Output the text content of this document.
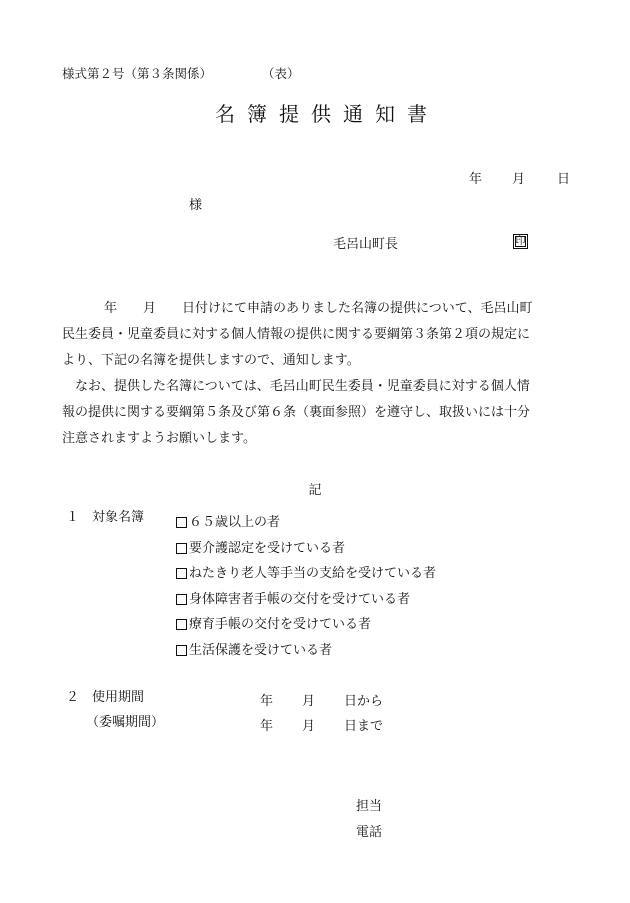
様式第２号（第３条関係）　　　　　（表）
名簿提供通知書
年 月 日
様
毛呂山町長	印

年　　月　　日付けにて申請のありました名簿の提供について、毛呂山町

民生委員・児童委員に対する個人情報の提供に関する要綱第３条第２項の規定に

より、下記の名簿を提供しますので、通知します。

なお、提供した名簿については、毛呂山町民生委員・児童委員に対する個人情

報の提供に関する要綱第５条及び第６条（裏面参照）を遵守し、取扱いには十分

注意されますようお願いします。

記
１ 対象名簿	６５歳以上の者
要介護認定を受けている者
ねたきり老人等手当の支給を受けている者
身体障害者手帳の交付を受けている者
療育手帳の交付を受けている者
生活保護を受けている者
２ 使用期間
（委嘱期間）
年 月 日から
年 月 日まで
担当
電話
